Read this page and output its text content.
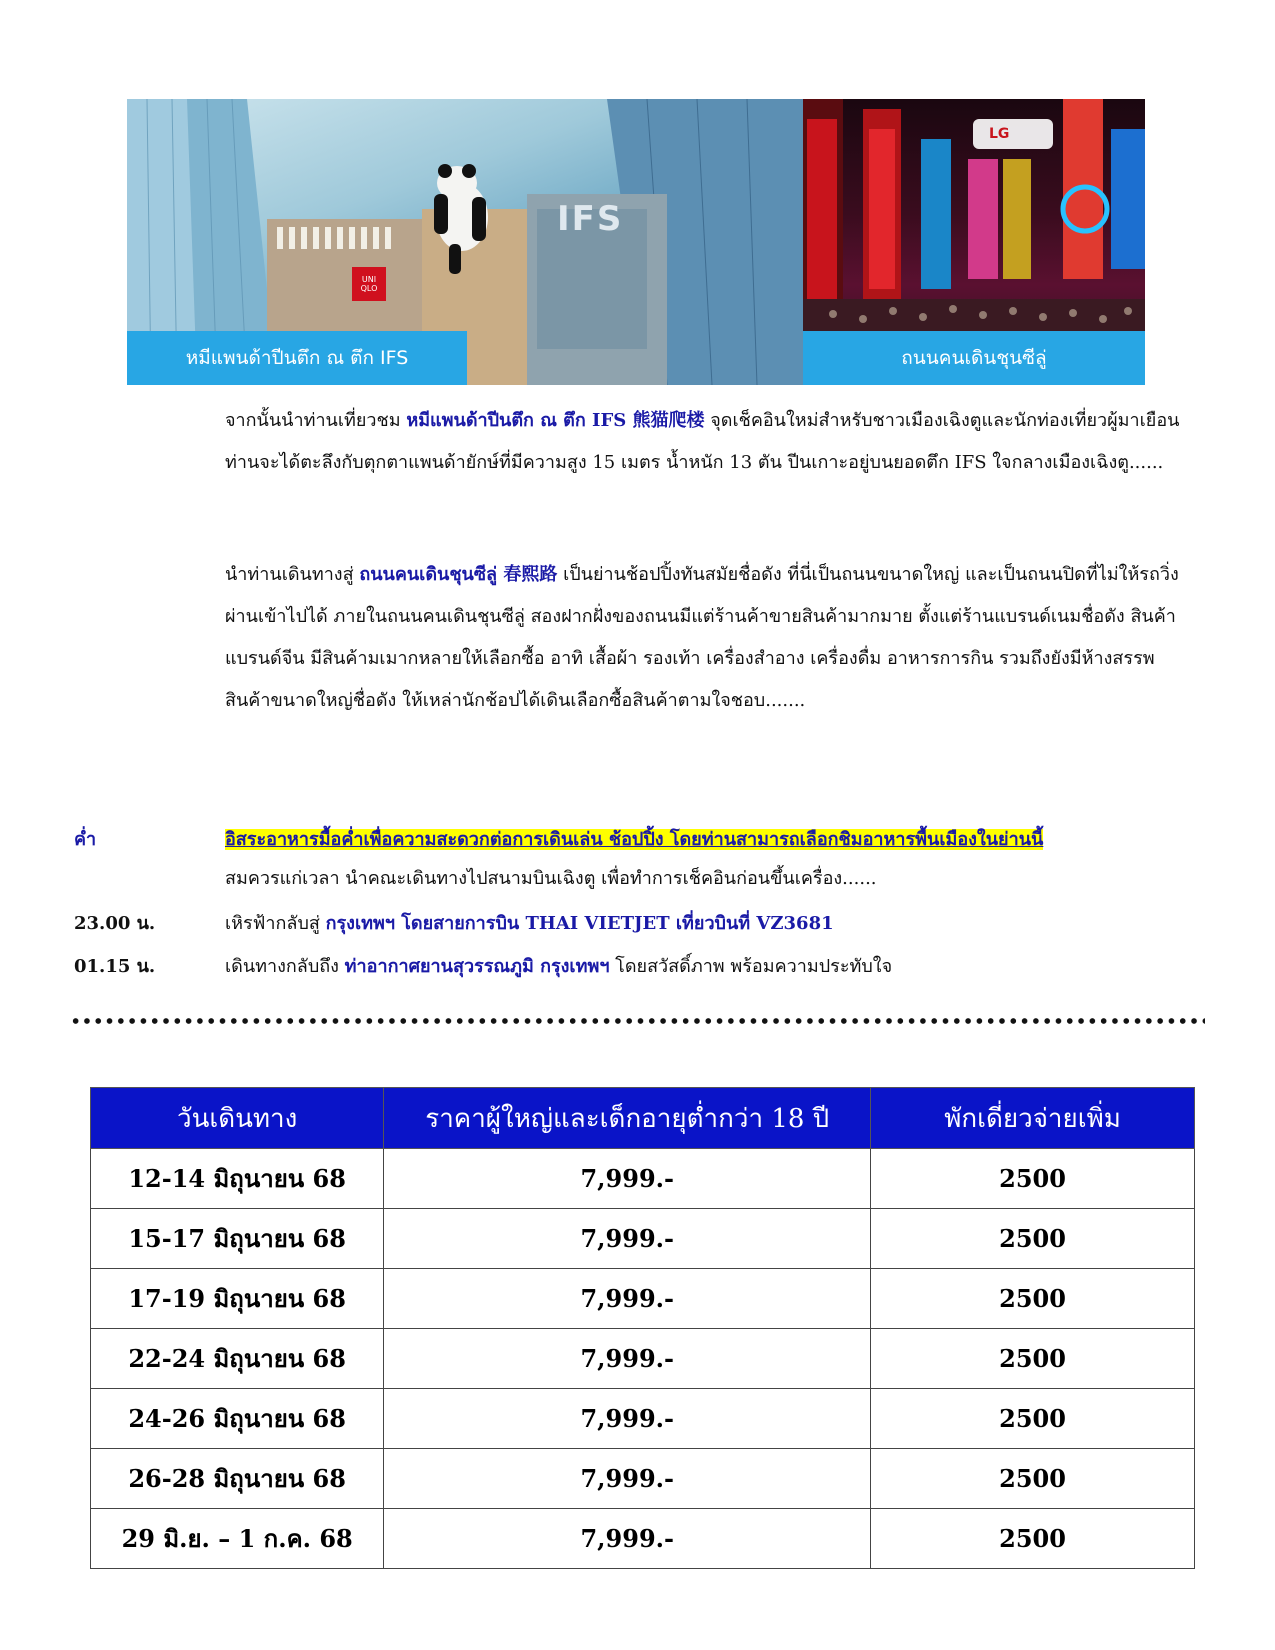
IFS
UNI QLO
หมีแพนด้าปีนตึก ณ ตึก IFS
LG
ถนนคนเดินชุนซีลู่
จากนั้นนำท่านเที่ยวชม หมีแพนด้าปีนตึก ณ ตึก IFS 熊猫爬楼 จุดเช็คอินใหม่สำหรับชาวเมืองเฉิงตูและนักท่องเที่ยวผู้มาเยือน ท่านจะได้ตะลึงกับตุกตาแพนด้ายักษ์ที่มีความสูง 15 เมตร น้ำหนัก 13 ตัน ปีนเกาะอยู่บนยอดตึก IFS ใจกลางเมืองเฉิงตู......
นำท่านเดินทางสู่ ถนนคนเดินชุนซีลู่ 春熙路 เป็นย่านช้อปปิ้งทันสมัยชื่อดัง ที่นี่เป็นถนนขนาดใหญ่ และเป็นถนนปิดที่ไม่ให้รถวิ่งผ่านเข้าไปได้ ภายในถนนคนเดินชุนซีลู่ สองฝากฝั่งของถนนมีแต่ร้านค้าขายสินค้ามากมาย ตั้งแต่ร้านแบรนด์เนมชื่อดัง สินค้าแบรนด์จีน มีสินค้ามเมากหลายให้เลือกซื้อ อาทิ เสื้อผ้า รองเท้า เครื่องสำอาง เครื่องดื่ม อาหารการกิน รวมถึงยังมีห้างสรรพสินค้าขนาดใหญ่ชื่อดัง ให้เหล่านักช้อปได้เดินเลือกซื้อสินค้าตามใจชอบ.......
ค่ำ	อิสระอาหารมื้อค่ำเพื่อความสะดวกต่อการเดินเล่น ช้อปปิ้ง โดยท่านสามารถเลือกชิมอาหารพื้นเมืองในย่านนี้
สมควรแก่เวลา นำคณะเดินทางไปสนามบินเฉิงตู เพื่อทำการเช็คอินก่อนขึ้นเครื่อง......
23.00 น.	เหิรฟ้ากลับสู่ กรุงเทพฯ โดยสายการบิน THAI VIETJET เที่ยวบินที่ VZ3681
01.15 น.	เดินทางกลับถึง ท่าอากาศยานสุวรรณภูมิ กรุงเทพฯ โดยสวัสดิ์ภาพ พร้อมความประทับใจ
วันเดินทาง	ราคาผู้ใหญ่และเด็กอายุต่ำกว่า 18 ปี	พักเดี่ยวจ่ายเพิ่ม
12-14 มิถุนายน 68	7,999.-	2500
15-17 มิถุนายน 68	7,999.-	2500
17-19 มิถุนายน 68	7,999.-	2500
22-24 มิถุนายน 68	7,999.-	2500
24-26 มิถุนายน 68	7,999.-	2500
26-28 มิถุนายน 68	7,999.-	2500
29 มิ.ย. – 1 ก.ค. 68	7,999.-	2500
